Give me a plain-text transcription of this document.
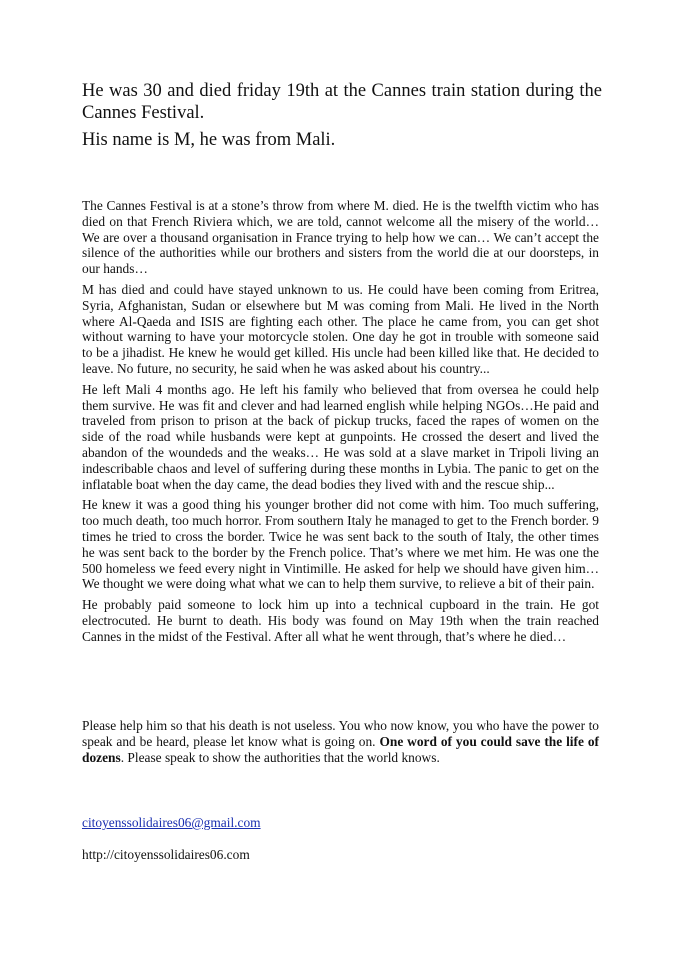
He was 30 and died friday 19th at the Cannes train station during the Cannes Festival.
His name is M, he was from Mali.

The Cannes Festival is at a stone’s throw from where M. died. He is the twelfth victim who has died on that French Riviera which, we are told, cannot welcome all the misery of the world… We are over a thousand organisation in France trying to help how we can… We can’t accept the silence of the authorities while our brothers and sisters from the world die at our doorsteps, in our hands…

M has died and could have stayed unknown to us. He could have been coming from Eritrea, Syria, Afghanistan, Sudan or elsewhere but M was coming from Mali. He lived in the North where Al-Qaeda and ISIS are fighting each other. The place he came from, you can get shot without warning to have your motorcycle stolen. One day he got in trouble with someone said to be a jihadist. He knew he would get killed. His uncle had been killed like that. He decided to leave. No future, no security, he said when he was asked about his country...

He left Mali 4 months ago. He left his family who believed that from oversea he could help them survive. He was fit and clever and had learned english while helping NGOs…He paid and traveled from prison to prison at the back of pickup trucks, faced the rapes of women on the side of the road while husbands were kept at gunpoints. He crossed the desert and lived the abandon of the woundeds and the weaks… He was sold at a slave market in Tripoli living an indescribable chaos and level of suffering during these months in Lybia. The panic to get on the inflatable boat when the day came, the dead bodies they lived with and the rescue ship...

He knew it was a good thing his younger brother did not come with him. Too much suffering, too much death, too much horror. From southern Italy he managed to get to the French border. 9 times he tried to cross the border. Twice he was sent back to the south of Italy, the other times he was sent back to the border by the French police. That’s where we met him. He was one the 500 homeless we feed every night in Vintimille. He asked for help we should have given him… We thought we were doing what what we can to help them survive, to relieve a bit of their pain.

He probably paid someone to lock him up into a technical cupboard in the train. He got electrocuted. He burnt to death. His body was found on May 19th when the train reached Cannes in the midst of the Festival. After all what he went through, that’s where he died…

Please help him so that his death is not useless. You who now know, you who have the power to speak and be heard, please let know what is going on. One word of you could save the life of dozens. Please speak to show the authorities that the world knows.

citoyenssolidaires06@gmail.com
http://citoyenssolidaires06.com
